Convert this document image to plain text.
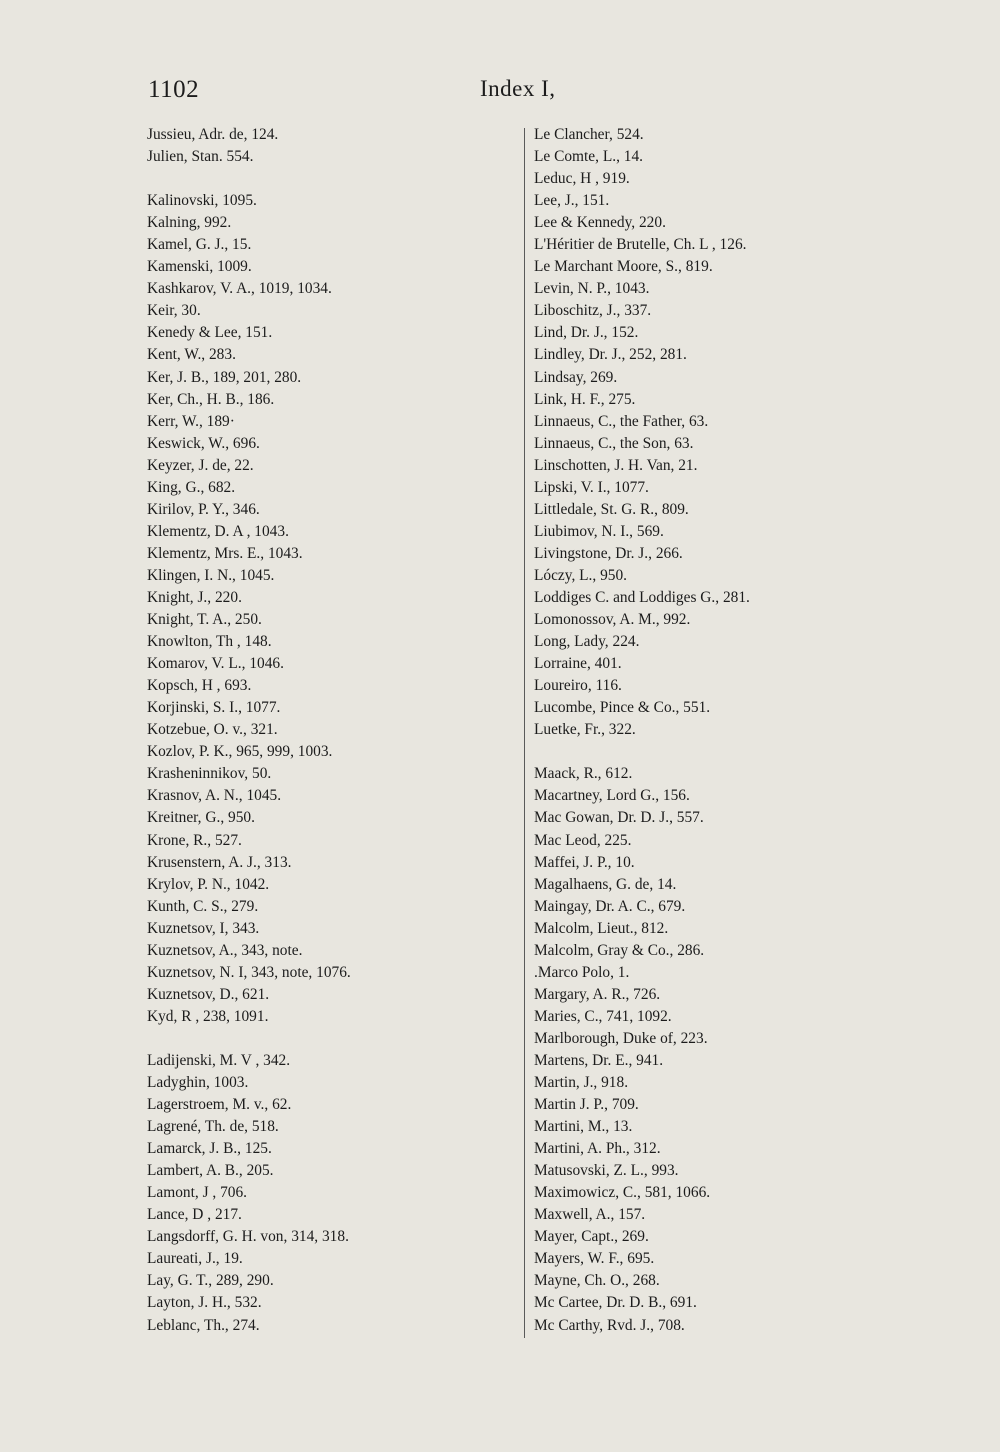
1102	Index I,
Jussieu, Adr. de, 124.
Julien, Stan. 554.
Kalinovski, 1095.
Kalning, 992.
Kamel, G. J., 15.
Kamenski, 1009.
Kashkarov, V. A., 1019, 1034.
Keir, 30.
Kenedy & Lee, 151.
Kent, W., 283.
Ker, J. B., 189, 201, 280.
Ker, Ch., H. B., 186.
Kerr, W., 189·
Keswick, W., 696.
Keyzer, J. de, 22.
King, G., 682.
Kirilov, P. Y., 346.
Klementz, D. A , 1043.
Klementz, Mrs. E., 1043.
Klingen, I. N., 1045.
Knight, J., 220.
Knight, T. A., 250.
Knowlton, Th , 148.
Komarov, V. L., 1046.
Kopsch, H , 693.
Korjinski, S. I., 1077.
Kotzebue, O. v., 321.
Kozlov, P. K., 965, 999, 1003.
Krasheninnikov, 50.
Krasnov, A. N., 1045.
Kreitner, G., 950.
Krone, R., 527.
Krusenstern, A. J., 313.
Krylov, P. N., 1042.
Kunth, C. S., 279.
Kuznetsov, I, 343.
Kuznetsov, A., 343, note.
Kuznetsov, N. I, 343, note, 1076.
Kuznetsov, D., 621.
Kyd, R , 238, 1091.
Ladijenski, M. V , 342.
Ladyghin, 1003.
Lagerstroem, M. v., 62.
Lagrené, Th. de, 518.
Lamarck, J. B., 125.
Lambert, A. B., 205.
Lamont, J , 706.
Lance, D , 217.
Langsdorff, G. H. von, 314, 318.
Laureati, J., 19.
Lay, G. T., 289, 290.
Layton, J. H., 532.
Leblanc, Th., 274.
Le Clancher, 524.
Le Comte, L., 14.
Leduc, H , 919.
Lee, J., 151.
Lee & Kennedy, 220.
L'Héritier de Brutelle, Ch. L , 126.
Le Marchant Moore, S., 819.
Levin, N. P., 1043.
Liboschitz, J., 337.
Lind, Dr. J., 152.
Lindley, Dr. J., 252, 281.
Lindsay, 269.
Link, H. F., 275.
Linnaeus, C., the Father, 63.
Linnaeus, C., the Son, 63.
Linschotten, J. H. Van, 21.
Lipski, V. I., 1077.
Littledale, St. G. R., 809.
Liubimov, N. I., 569.
Livingstone, Dr. J., 266.
Lóczy, L., 950.
Loddiges C. and Loddiges G., 281.
Lomonossov, A. M., 992.
Long, Lady, 224.
Lorraine, 401.
Loureiro, 116.
Lucombe, Pince & Co., 551.
Luetke, Fr., 322.
Maack, R., 612.
Macartney, Lord G., 156.
Mac Gowan, Dr. D. J., 557.
Mac Leod, 225.
Maffei, J. P., 10.
Magalhaens, G. de, 14.
Maingay, Dr. A. C., 679.
Malcolm, Lieut., 812.
Malcolm, Gray & Co., 286.
.Marco Polo, 1.
Margary, A. R., 726.
Maries, C., 741, 1092.
Marlborough, Duke of, 223.
Martens, Dr. E., 941.
Martin, J., 918.
Martin J. P., 709.
Martini, M., 13.
Martini, A. Ph., 312.
Matusovski, Z. L., 993.
Maximowicz, C., 581, 1066.
Maxwell, A., 157.
Mayer, Capt., 269.
Mayers, W. F., 695.
Mayne, Ch. O., 268.
Mc Cartee, Dr. D. B., 691.
Mc Carthy, Rvd. J., 708.
